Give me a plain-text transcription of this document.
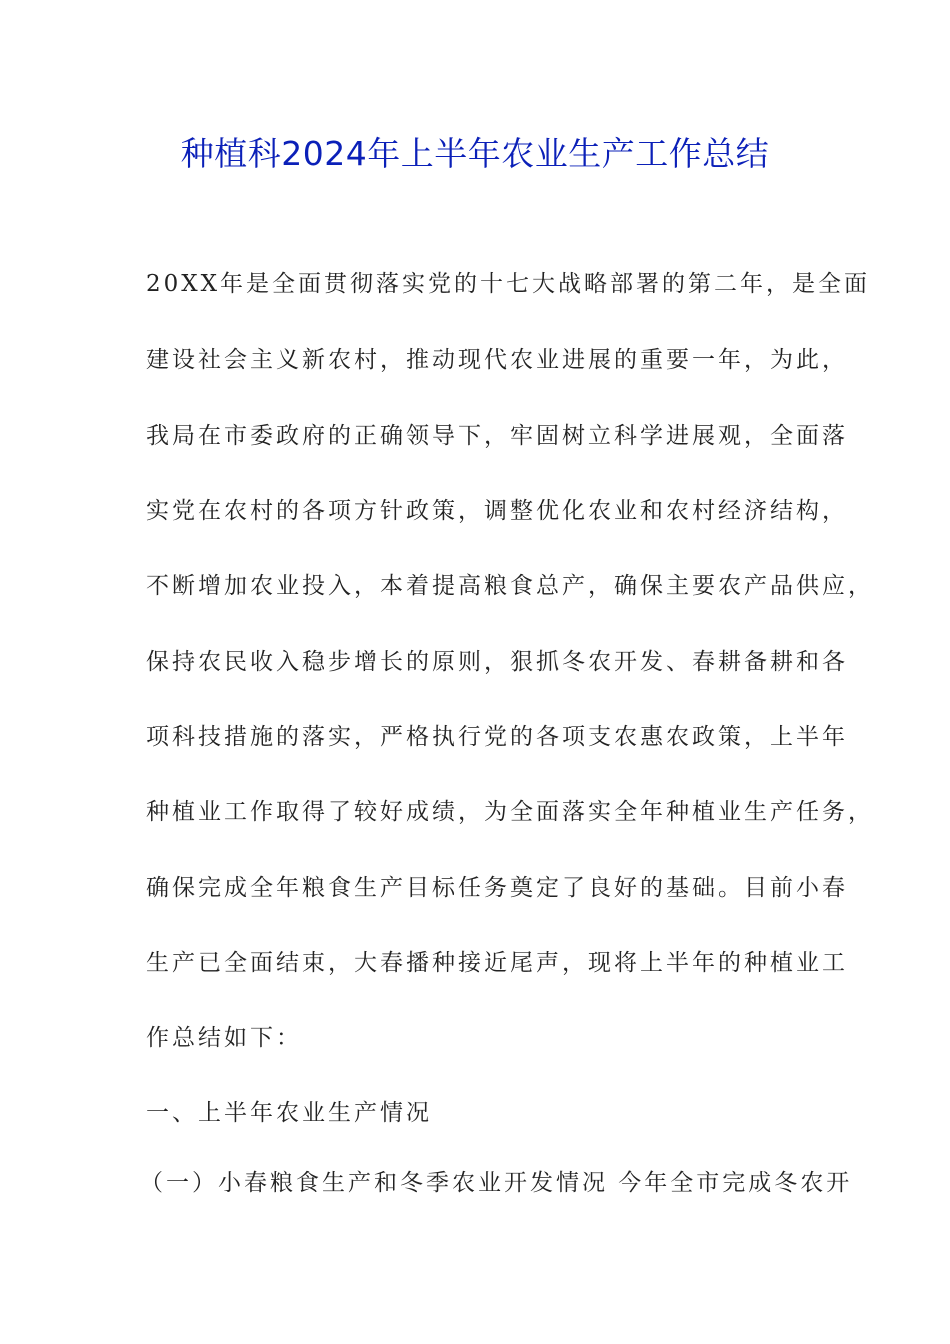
种植科2024年上半年农业生产工作总结
20XX年是全面贯彻落实党的十七大战略部署的第二年，是全面
建设社会主义新农村，推动现代农业进展的重要一年，为此，
我局在市委政府的正确领导下，牢固树立科学进展观，全面落
实党在农村的各项方针政策，调整优化农业和农村经济结构，
不断增加农业投入，本着提高粮食总产，确保主要农产品供应，
保持农民收入稳步增长的原则，狠抓冬农开发、春耕备耕和各
项科技措施的落实，严格执行党的各项支农惠农政策，上半年
种植业工作取得了较好成绩，为全面落实全年种植业生产任务，
确保完成全年粮食生产目标任务奠定了良好的基础。目前小春
生产已全面结束，大春播种接近尾声，现将上半年的种植业工
作总结如下：
一、上半年农业生产情况
（一）小春粮食生产和冬季农业开发情况 今年全市完成冬农开
